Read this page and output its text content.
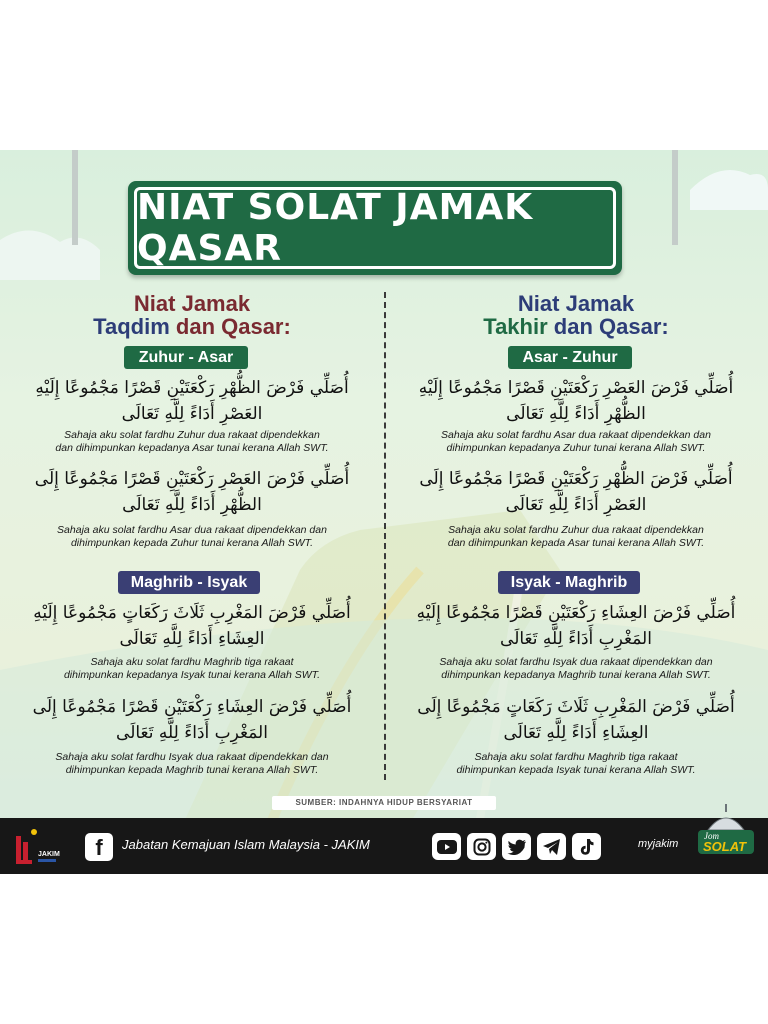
NIAT SOLAT JAMAK QASAR
Niat Jamak
Taqdim dan Qasar:
Zuhur - Asar
أُصَلِّي فَرْضَ الظُّهْرِ رَكْعَتَيْنِ قَصْرًا مَجْمُوعًا إِلَيْهِ
العَصْرِ أَدَاءً لِلَّهِ تَعَالَى
Sahaja aku solat fardhu Zuhur dua rakaat dipendekkan
dan dihimpunkan kepadanya Asar tunai kerana Allah SWT.
أُصَلِّي فَرْضَ العَصْرِ رَكْعَتَيْنِ قَصْرًا مَجْمُوعًا إِلَى
الظُّهْرِ أَدَاءً لِلَّهِ تَعَالَى
Sahaja aku solat fardhu Asar dua rakaat dipendekkan dan
dihimpunkan kepada Zuhur tunai kerana Allah SWT.
Maghrib - Isyak
أُصَلِّي فَرْضَ المَغْرِبِ ثَلَاثَ رَكَعَاتٍ مَجْمُوعًا إِلَيْهِ
العِشَاءِ أَدَاءً لِلَّهِ تَعَالَى
Sahaja aku solat fardhu Maghrib tiga rakaat
dihimpunkan kepadanya Isyak tunai kerana Allah SWT.
أُصَلِّي فَرْضَ العِشَاءِ رَكْعَتَيْنِ قَصْرًا مَجْمُوعًا إِلَى
المَغْرِبِ أَدَاءً لِلَّهِ تَعَالَى
Sahaja aku solat fardhu Isyak dua rakaat dipendekkan dan
dihimpunkan kepada Maghrib tunai kerana Allah SWT.
Niat Jamak
Takhir dan Qasar:
Asar - Zuhur
أُصَلِّي فَرْضَ العَصْرِ رَكْعَتَيْنِ قَصْرًا مَجْمُوعًا إِلَيْهِ
الظُّهْرِ أَدَاءً لِلَّهِ تَعَالَى
Sahaja aku solat fardhu Asar dua rakaat dipendekkan dan
dihimpunkan kepadanya Zuhur tunai kerana Allah SWT.
أُصَلِّي فَرْضَ الظُّهْرِ رَكْعَتَيْنِ قَصْرًا مَجْمُوعًا إِلَى
العَصْرِ أَدَاءً لِلَّهِ تَعَالَى
Sahaja aku solat fardhu Zuhur dua rakaat dipendekkan
dan dihimpunkan kepada Asar tunai kerana Allah SWT.
Isyak - Maghrib
أُصَلِّي فَرْضَ العِشَاءِ رَكْعَتَيْنِ قَصْرًا مَجْمُوعًا إِلَيْهِ
المَغْرِبِ أَدَاءً لِلَّهِ تَعَالَى
Sahaja aku solat fardhu Isyak dua rakaat dipendekkan dan
dihimpunkan kepadanya Maghrib tunai kerana Allah SWT.
أُصَلِّي فَرْضَ المَغْرِبِ ثَلَاثَ رَكَعَاتٍ مَجْمُوعًا إِلَى
العِشَاءِ أَدَاءً لِلَّهِ تَعَالَى
Sahaja aku solat fardhu Maghrib tiga rakaat
dihimpunkan kepada Isyak tunai kerana Allah SWT.
SUMBER: INDAHNYA HIDUP BERSYARIAT
JAKIM	f	Jabatan Kemajuan Islam Malaysia - JAKIM	myjakim
Jom
SOLAT
